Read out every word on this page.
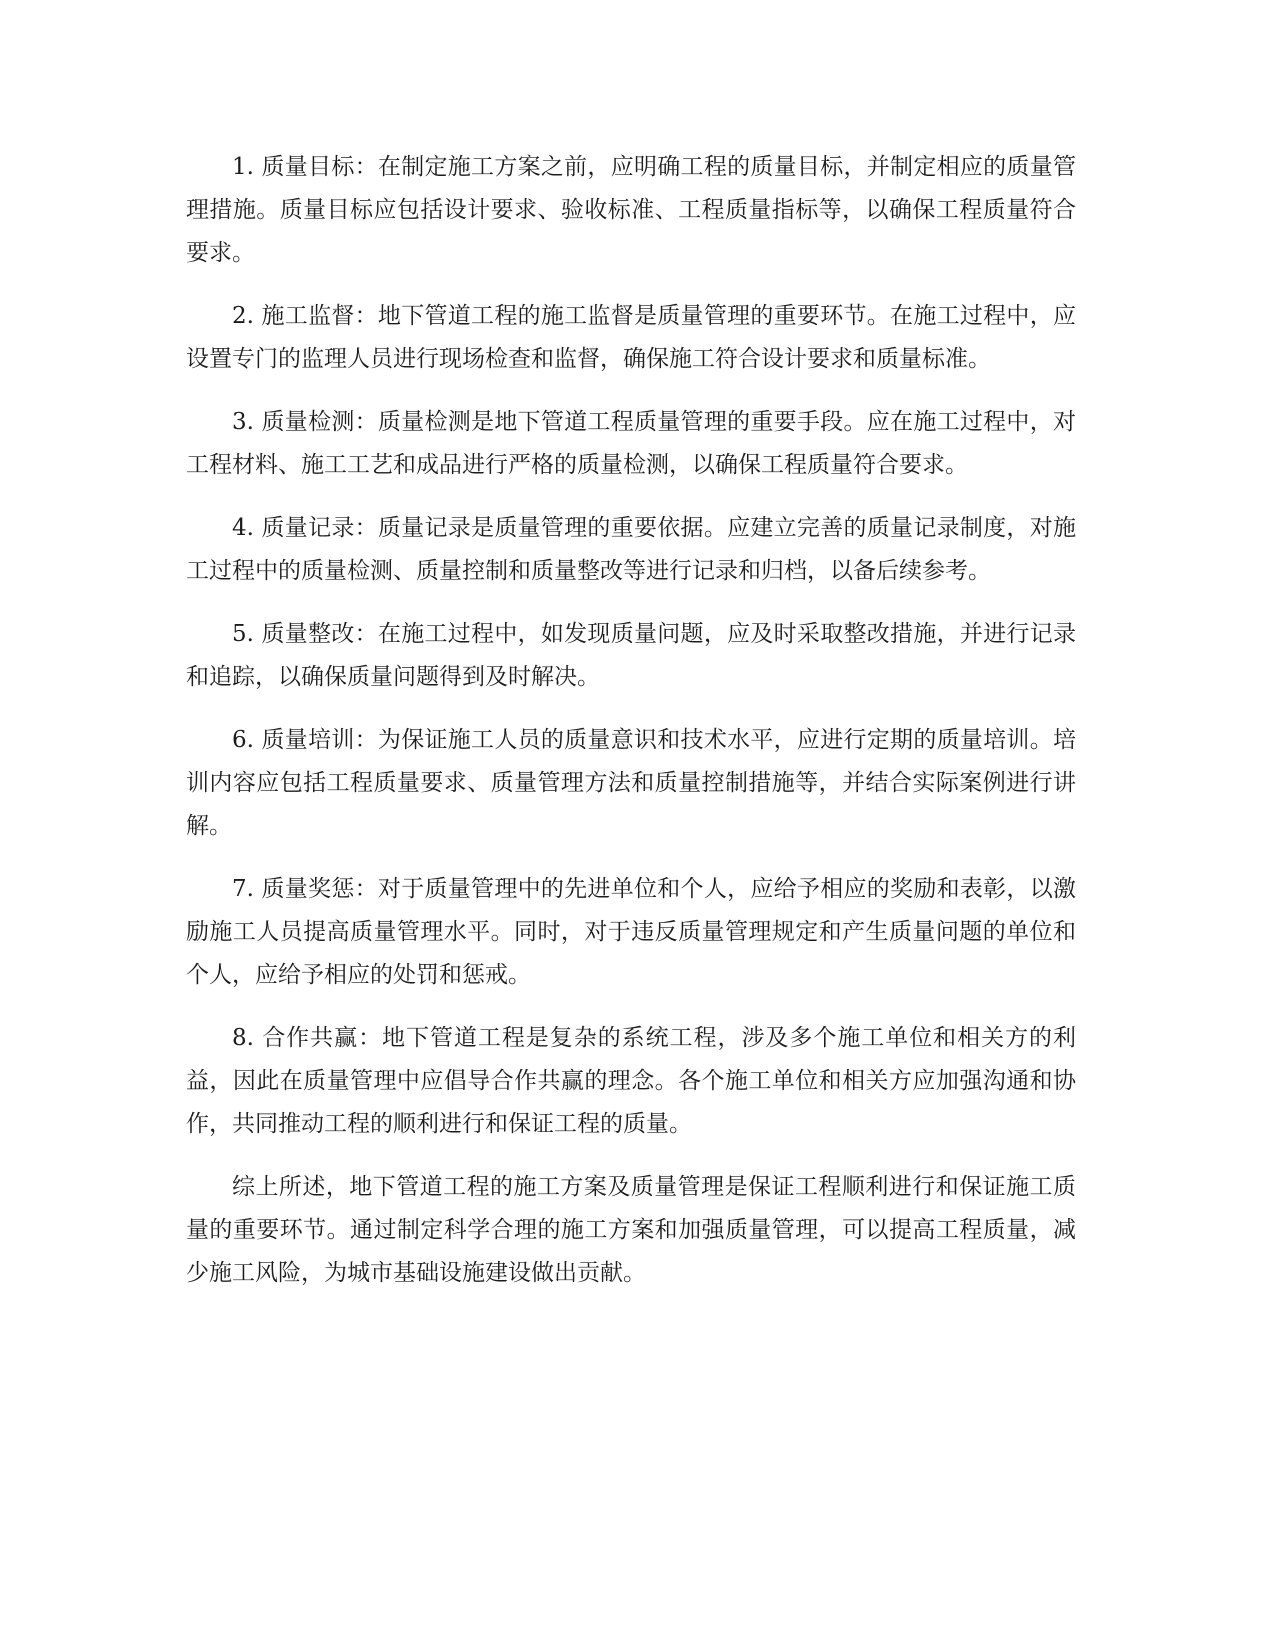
1. 质量目标：在制定施工方案之前，应明确工程的质量目标，并制定相应的质量管理措施。质量目标应包括设计要求、验收标准、工程质量指标等，以确保工程质量符合要求。

2. 施工监督：地下管道工程的施工监督是质量管理的重要环节。在施工过程中，应设置专门的监理人员进行现场检查和监督，确保施工符合设计要求和质量标准。

3. 质量检测：质量检测是地下管道工程质量管理的重要手段。应在施工过程中，对工程材料、施工工艺和成品进行严格的质量检测，以确保工程质量符合要求。

4. 质量记录：质量记录是质量管理的重要依据。应建立完善的质量记录制度，对施工过程中的质量检测、质量控制和质量整改等进行记录和归档，以备后续参考。

5. 质量整改：在施工过程中，如发现质量问题，应及时采取整改措施，并进行记录和追踪，以确保质量问题得到及时解决。

6. 质量培训：为保证施工人员的质量意识和技术水平，应进行定期的质量培训。培训内容应包括工程质量要求、质量管理方法和质量控制措施等，并结合实际案例进行讲解。

7. 质量奖惩：对于质量管理中的先进单位和个人，应给予相应的奖励和表彰，以激励施工人员提高质量管理水平。同时，对于违反质量管理规定和产生质量问题的单位和个人，应给予相应的处罚和惩戒。

8. 合作共赢：地下管道工程是复杂的系统工程，涉及多个施工单位和相关方的利益，因此在质量管理中应倡导合作共赢的理念。各个施工单位和相关方应加强沟通和协作，共同推动工程的顺利进行和保证工程的质量。

综上所述，地下管道工程的施工方案及质量管理是保证工程顺利进行和保证施工质量的重要环节。通过制定科学合理的施工方案和加强质量管理，可以提高工程质量，减少施工风险，为城市基础设施建设做出贡献。
